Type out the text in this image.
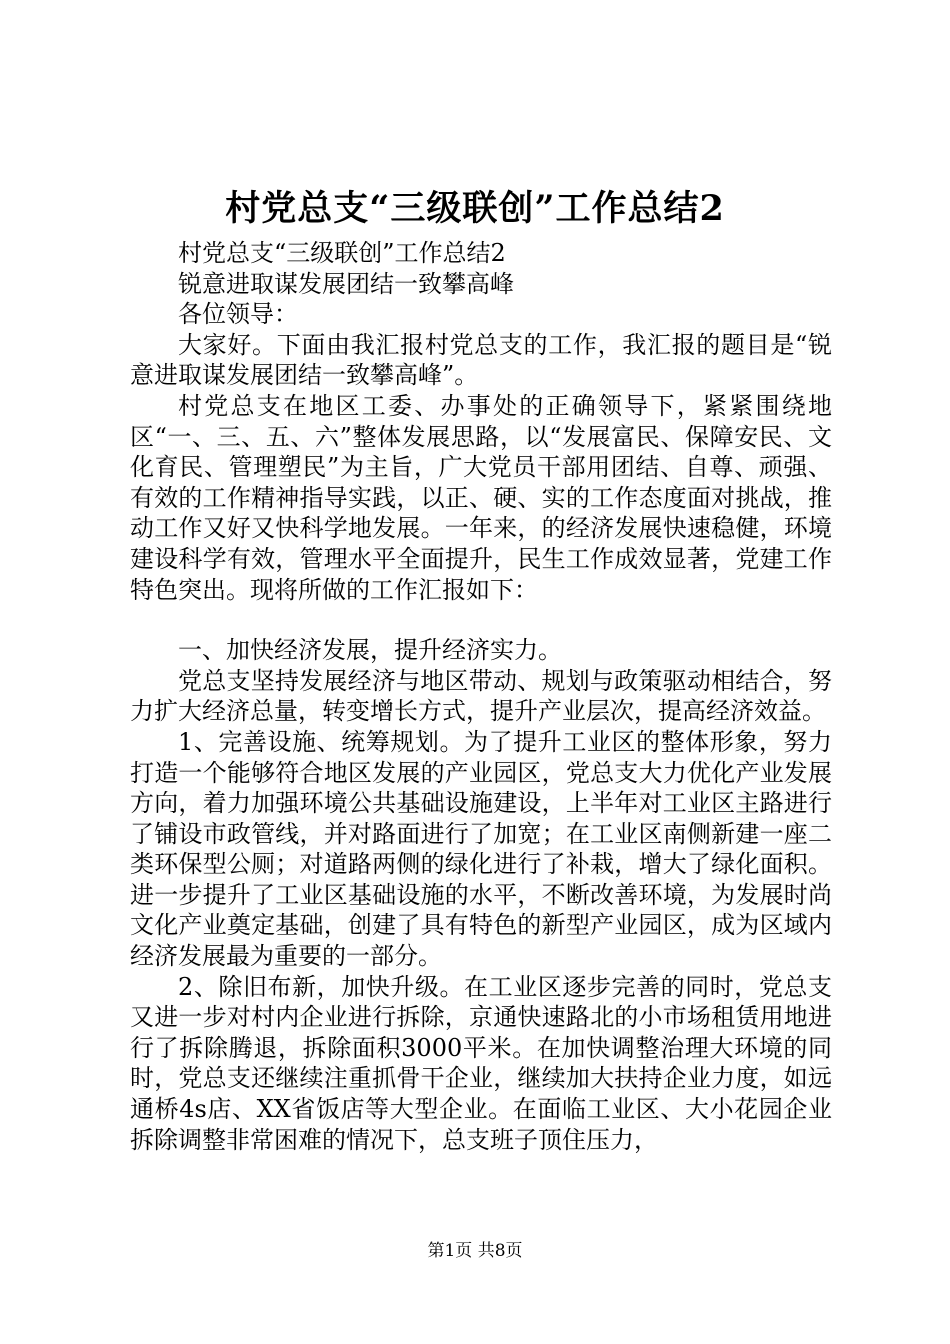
村党总支“三级联创”工作总结2

村党总支“三级联创”工作总结2

锐意进取谋发展团结一致攀高峰

各位领导：

大家好。下面由我汇报村党总支的工作，我汇报的题目是“锐意进取谋发展团结一致攀高峰”。

村党总支在地区工委、办事处的正确领导下，紧紧围绕地区“一、三、五、六”整体发展思路，以“发展富民、保障安民、文化育民、管理塑民”为主旨，广大党员干部用团结、自尊、顽强、有效的工作精神指导实践，以正、硬、实的工作态度面对挑战，推动工作又好又快科学地发展。一年来，的经济发展快速稳健，环境建设科学有效，管理水平全面提升，民生工作成效显著，党建工作特色突出。现将所做的工作汇报如下：

一、加快经济发展，提升经济实力。

党总支坚持发展经济与地区带动、规划与政策驱动相结合，努力扩大经济总量，转变增长方式，提升产业层次，提高经济效益。

1、完善设施、统筹规划。为了提升工业区的整体形象，努力打造一个能够符合地区发展的产业园区，党总支大力优化产业发展方向，着力加强环境公共基础设施建设，上半年对工业区主路进行了铺设市政管线，并对路面进行了加宽；在工业区南侧新建一座二类环保型公厕；对道路两侧的绿化进行了补栽，增大了绿化面积。进一步提升了工业区基础设施的水平，不断改善环境，为发展时尚文化产业奠定基础，创建了具有特色的新型产业园区，成为区域内经济发展最为重要的一部分。

2、除旧布新，加快升级。在工业区逐步完善的同时，党总支又进一步对村内企业进行拆除，京通快速路北的小市场租赁用地进行了拆除腾退，拆除面积3000平米。在加快调整治理大环境的同时，党总支还继续注重抓骨干企业，继续加大扶持企业力度，如远通桥4s店、XX省饭店等大型企业。在面临工业区、大小花园企业拆除调整非常困难的情况下，总支班子顶住压力，

第1页 共8页
